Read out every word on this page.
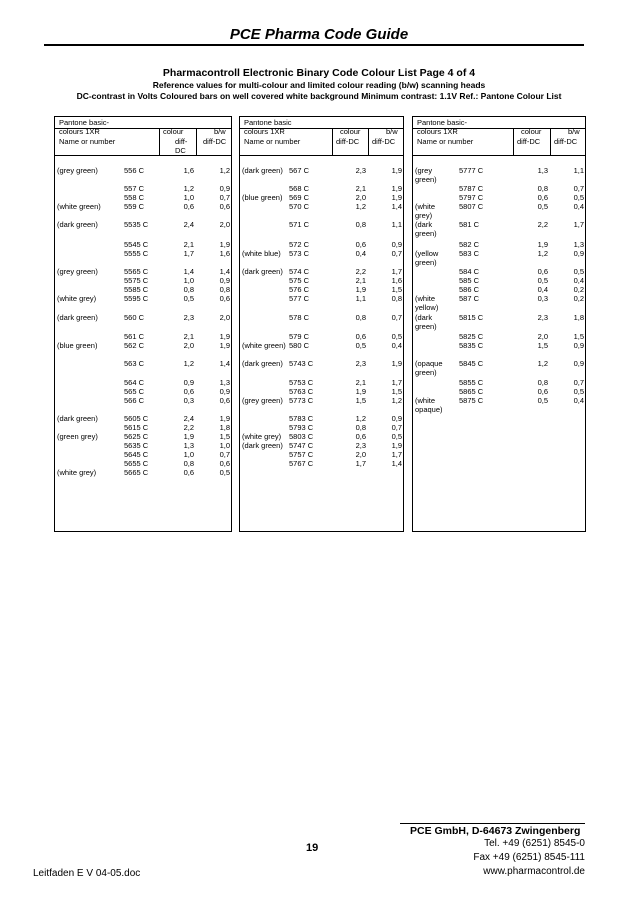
PCE Pharma Code Guide
Pharmacontroll Electronic Binary Code Colour List Page 4 of 4
Reference values for multi-colour and limited colour reading (b/w) scanning heads
DC-contrast in Volts Coloured bars on well covered white background Minimum contrast: 1.1V Ref.: Pantone Colour List
Pantone basic-
colours 1XR	colour	b/w
Name or number	diff-
DC
diff-DC
(grey green)	556 C	1,6	1,2
557 C	1,2	0,9
558 C	1,0	0,7
(white green)	559 C	0,6	0,6
(dark green)	5535 C	2,4	2,0
5545 C	2,1	1,9
5555 C	1,7	1,6
(grey green)	5565 C	1,4	1,4
5575 C	1,0	0,9
5585 C	0,8	0,8
(white grey)	5595 C	0,5	0,6
(dark green)	560 C	2,3	2,0
561 C	2,1	1,9
(blue green)	562 C	2,0	1,9
563 C	1,2	1,4
564 C	0,9	1,3
565 C	0,6	0,9
566 C	0,3	0,6
(dark green)	5605 C	2,4	1,9
5615 C	2,2	1,8
(green grey)	5625 C	1,9	1,5
5635 C	1,3	1,0
5645 C	1,0	0,7
5655 C	0,8	0,6
(white grey)	5665 C	0,6	0,5
Pantone basic
colours 1XR	colour	b/w
Name or number	diff-DC diff-DC
(dark green) 567 C	2,3	1,9
568 C	2,1	1,9
(blue green) 569 C	2,0	1,9
570 C	1,2	1,4
571 C	0,8	1,1
572 C	0,6	0,9
(white blue)	573 C	0,4	0,7
(dark green) 574 C	2,2	1,7
575 C	2,1	1,6
576 C	1,9	1,5
577 C	1,1	0,8
578 C	0,8	0,7
579 C	0,6	0,5
(white green) 580 C	0,5	0,4
(dark green) 5743 C	2,3	1,9
5753 C	2,1	1,7
5763 C	1,9	1,5
(grey green) 5773 C	1,5	1,2
5783 C	1,2	0,9
5793 C	0,8	0,7
(white grey)	5803 C	0,6	0,5
(dark green) 5747 C	2,3	1,9
5757 C	2,0	1,7
5767 C	1,7	1,4
Pantone basic-
colours 1XR	colour	b/w
Name or number	diff-DC diff-DC
(grey green)
5777 C	1,3	1,1
5787 C	0,8	0,7
5797 C	0,6	0,5
(white grey)
5807 C	0,5	0,4
(dark green)
581 C	2,2	1,7
582 C	1,9	1,3
(yellow green)
583 C	1,2	0,9
584 C	0,6	0,5
585 C	0,5	0,4
586 C	0,4	0,2
(white yellow)
587 C	0,3	0,2
(dark green)
5815 C	2,3	1,8
5825 C	2,0	1,5
5835 C	1,5	0,9
(opaque green)
5845 C	1,2	0,9
5855 C	0,8	0,7
5865 C	0,6	0,5
(white opaque)
5875 C	0,5	0,4
PCE GmbH, D-64673 Zwingenberg
19	Tel. +49 (6251) 8545-0
Fax +49 (6251) 8545-111
www.pharmacontrol.de
Leitfaden E V 04-05.doc
